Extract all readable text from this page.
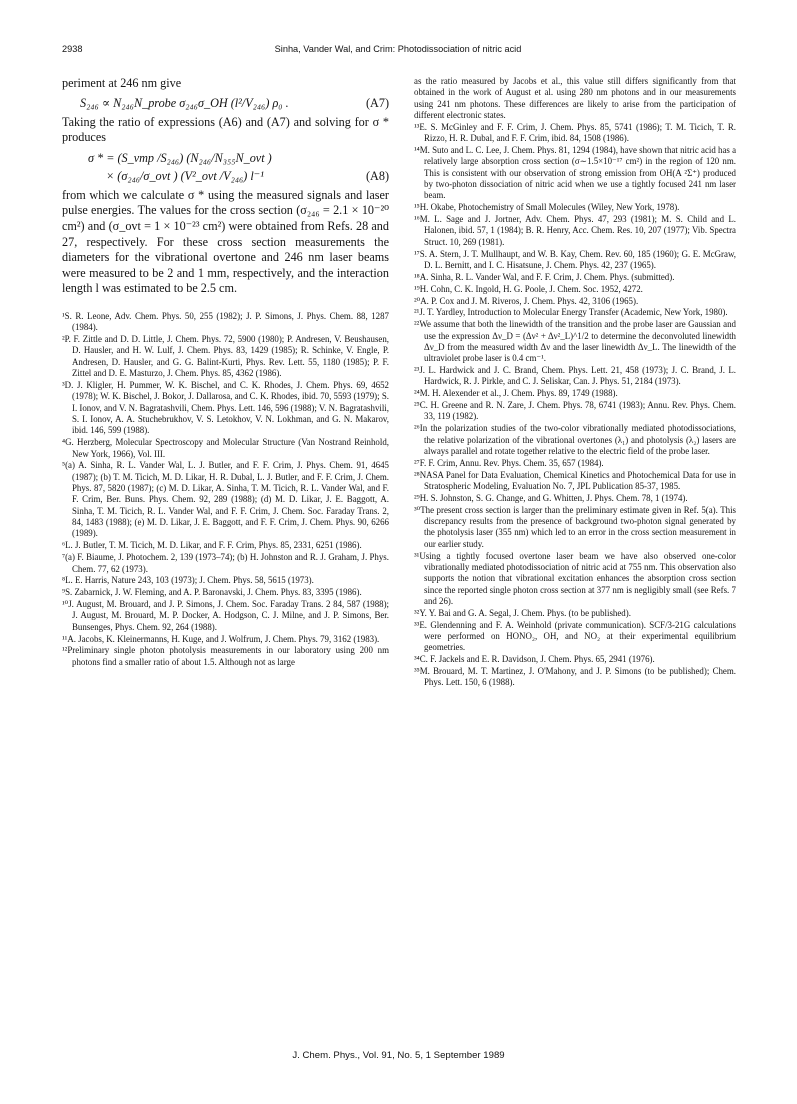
2938	Sinha, Vander Wal, and Crim: Photodissociation of nitric acid

periment at 246 nm give

S₂₄₆ ∝ N₂₄₆N_probe σ₂₄₆σ_OH (l²/V₂₄₆) ρ₀ .	(A7)

Taking the ratio of expressions (A6) and (A7) and solving for σ * produces

σ * = (S_vmp /S₂₄₆) (N₂₄₆/N₃₅₅N_ovt )
× (σ₂₄₆/σ_ovt ) (V²_ovt /V₂₄₆) l⁻¹	(A8)

from which we calculate σ * using the measured signals and laser pulse energies. The values for the cross section (σ₂₄₆ = 2.1 × 10⁻²⁰ cm²) and (σ_ovt = 1 × 10⁻²³ cm²) were obtained from Refs. 28 and 27, respectively. For these cross section measurements the diameters for the vibrational overtone and 246 nm laser beams were measured to be 2 and 1 mm, respectively, and the interaction length l was estimated to be 2.5 cm.

¹S. R. Leone, Adv. Chem. Phys. 50, 255 (1982); J. P. Simons, J. Phys. Chem. 88, 1287 (1984).

²P. F. Zittle and D. D. Little, J. Chem. Phys. 72, 5900 (1980); P. Andresen, V. Beushausen, D. Hausler, and H. W. Lulf, J. Chem. Phys. 83, 1429 (1985); R. Schinke, V. Engle, P. Andresen, D. Hausler, and G. G. Balint-Kurti, Phys. Rev. Lett. 55, 1180 (1985); P. F. Zittel and D. E. Masturzo, J. Chem. Phys. 85, 4362 (1986).

³D. J. Kligler, H. Pummer, W. K. Bischel, and C. K. Rhodes, J. Chem. Phys. 69, 4652 (1978); W. K. Bischel, J. Bokor, J. Dallarosa, and C. K. Rhodes, ibid. 70, 5593 (1979); S. I. Ionov, and V. N. Bagratashvili, Chem. Phys. Lett. 146, 596 (1988); V. N. Bagratashvili, S. I. Ionov, A. A. Stuchebrukhov, V. S. Letokhov, V. N. Lokhman, and G. N. Makarov, ibid. 146, 599 (1988).

⁴G. Herzberg, Molecular Spectroscopy and Molecular Structure (Van Nostrand Reinhold, New York, 1966), Vol. III.

⁵(a) A. Sinha, R. L. Vander Wal, L. J. Butler, and F. F. Crim, J. Phys. Chem. 91, 4645 (1987); (b) T. M. Ticich, M. D. Likar, H. R. Dubal, L. J. Butler, and F. F. Crim, J. Chem. Phys. 87, 5820 (1987); (c) M. D. Likar, A. Sinha, T. M. Ticich, R. L. Vander Wal, and F. F. Crim, Ber. Buns. Phys. Chem. 92, 289 (1988); (d) M. D. Likar, J. E. Baggott, A. Sinha, T. M. Ticich, R. L. Vander Wal, and F. F. Crim, J. Chem. Soc. Faraday Trans. 2, 84, 1483 (1988); (e) M. D. Likar, J. E. Baggott, and F. F. Crim, J. Chem. Phys. 90, 6266 (1989).

⁶L. J. Butler, T. M. Ticich, M. D. Likar, and F. F. Crim, Phys. 85, 2331, 6251 (1986).

⁷(a) F. Biaume, J. Photochem. 2, 139 (1973–74); (b) H. Johnston and R. J. Graham, J. Phys. Chem. 77, 62 (1973).

⁸L. E. Harris, Nature 243, 103 (1973); J. Chem. Phys. 58, 5615 (1973).

⁹S. Zabarnick, J. W. Fleming, and A. P. Baronavski, J. Chem. Phys. 83, 3395 (1986).

¹⁰J. August, M. Brouard, and J. P. Simons, J. Chem. Soc. Faraday Trans. 2 84, 587 (1988); J. August, M. Brouard, M. P. Docker, A. Hodgson, C. J. Milne, and J. P. Simons, Ber. Bunsenges, Phys. Chem. 92, 264 (1988).

¹¹A. Jacobs, K. Kleinermanns, H. Kuge, and J. Wolfrum, J. Chem. Phys. 79, 3162 (1983).

¹²Preliminary single photon photolysis measurements in our laboratory using 200 nm photons find a smaller ratio of about 1.5. Although not as large

as the ratio measured by Jacobs et al., this value still differs significantly from that obtained in the work of August et al. using 280 nm photons and in our measurements using 241 nm photons. These differences are likely to arise from the participation of different electronic states.

¹³E. S. McGinley and F. F. Crim, J. Chem. Phys. 85, 5741 (1986); T. M. Ticich, T. R. Rizzo, H. R. Dubal, and F. F. Crim, ibid. 84, 1508 (1986).

¹⁴M. Suto and L. C. Lee, J. Chem. Phys. 81, 1294 (1984), have shown that nitric acid has a relatively large absorption cross section (σ∼1.5×10⁻¹⁷ cm²) in the region of 120 nm. This is consistent with our observation of strong emission from OH(A ²Σ⁺) produced by two-photon dissociation of nitric acid when we use a tightly focused 241 nm laser beam.

¹⁵H. Okabe, Photochemistry of Small Molecules (Wiley, New York, 1978).

¹⁶M. L. Sage and J. Jortner, Adv. Chem. Phys. 47, 293 (1981); M. S. Child and L. Halonen, ibid. 57, 1 (1984); B. R. Henry, Acc. Chem. Res. 10, 207 (1977); Vib. Spectra Struct. 10, 269 (1981).

¹⁷S. A. Stern, J. T. Mullhaupt, and W. B. Kay, Chem. Rev. 60, 185 (1960); G. E. McGraw, D. L. Bernitt, and I. C. Hisatsune, J. Chem. Phys. 42, 237 (1965).

¹⁸A. Sinha, R. L. Vander Wal, and F. F. Crim, J. Chem. Phys. (submitted).

¹⁹H. Cohn, C. K. Ingold, H. G. Poole, J. Chem. Soc. 1952, 4272.

²⁰A. P. Cox and J. M. Riveros, J. Chem. Phys. 42, 3106 (1965).

²¹J. T. Yardley, Introduction to Molecular Energy Transfer (Academic, New York, 1980).

²²We assume that both the linewidth of the transition and the probe laser are Gaussian and use the expression Δν_D = (Δν² + Δν²_L)^1/2 to determine the deconvoluted linewidth Δν_D from the measured width Δν and the laser linewidth Δν_L. The linewidth of the ultraviolet probe laser is 0.4 cm⁻¹.

²³J. L. Hardwick and J. C. Brand, Chem. Phys. Lett. 21, 458 (1973); J. C. Brand, J. L. Hardwick, R. J. Pirkle, and C. J. Seliskar, Can. J. Phys. 51, 2184 (1973).

²⁴M. H. Alexender et al., J. Chem. Phys. 89, 1749 (1988).

²⁵C. H. Greene and R. N. Zare, J. Chem. Phys. 78, 6741 (1983); Annu. Rev. Phys. Chem. 33, 119 (1982).

²⁶In the polarization studies of the two-color vibrationally mediated photodissociations, the relative polarization of the vibrational overtones (λ₁) and photolysis (λ₂) lasers are always parallel and rotate together relative to the electric field of the probe laser.

²⁷F. F. Crim, Annu. Rev. Phys. Chem. 35, 657 (1984).

²⁸NASA Panel for Data Evaluation, Chemical Kinetics and Photochemical Data for use in Stratospheric Modeling, Evaluation No. 7, JPL Publication 85-37, 1985.

²⁹H. S. Johnston, S. G. Change, and G. Whitten, J. Phys. Chem. 78, 1 (1974).

³⁰The present cross section is larger than the preliminary estimate given in Ref. 5(a). This discrepancy results from the presence of background two-photon signal generated by the photolysis laser (355 nm) which led to an error in the cross section measurement in our earlier study.

³¹Using a tightly focused overtone laser beam we have also observed one-color vibrationally mediated photodissociation of nitric acid at 755 nm. This observation also supports the notion that vibrational excitation enhances the absorption cross section since the reported single photon cross section at 377 nm is negligibly small (see Refs. 7 and 26).

³²Y. Y. Bai and G. A. Segal, J. Chem. Phys. (to be published).

³³E. Glendenning and F. A. Weinhold (private communication). SCF/3-21G calculations were performed on HONO₂, OH, and NO₂ at their experimental equilibrium geometries.

³⁴C. F. Jackels and E. R. Davidson, J. Chem. Phys. 65, 2941 (1976).

³⁵M. Brouard, M. T. Martinez, J. O'Mahony, and J. P. Simons (to be published); Chem. Phys. Lett. 150, 6 (1988).

J. Chem. Phys., Vol. 91, No. 5, 1 September 1989
